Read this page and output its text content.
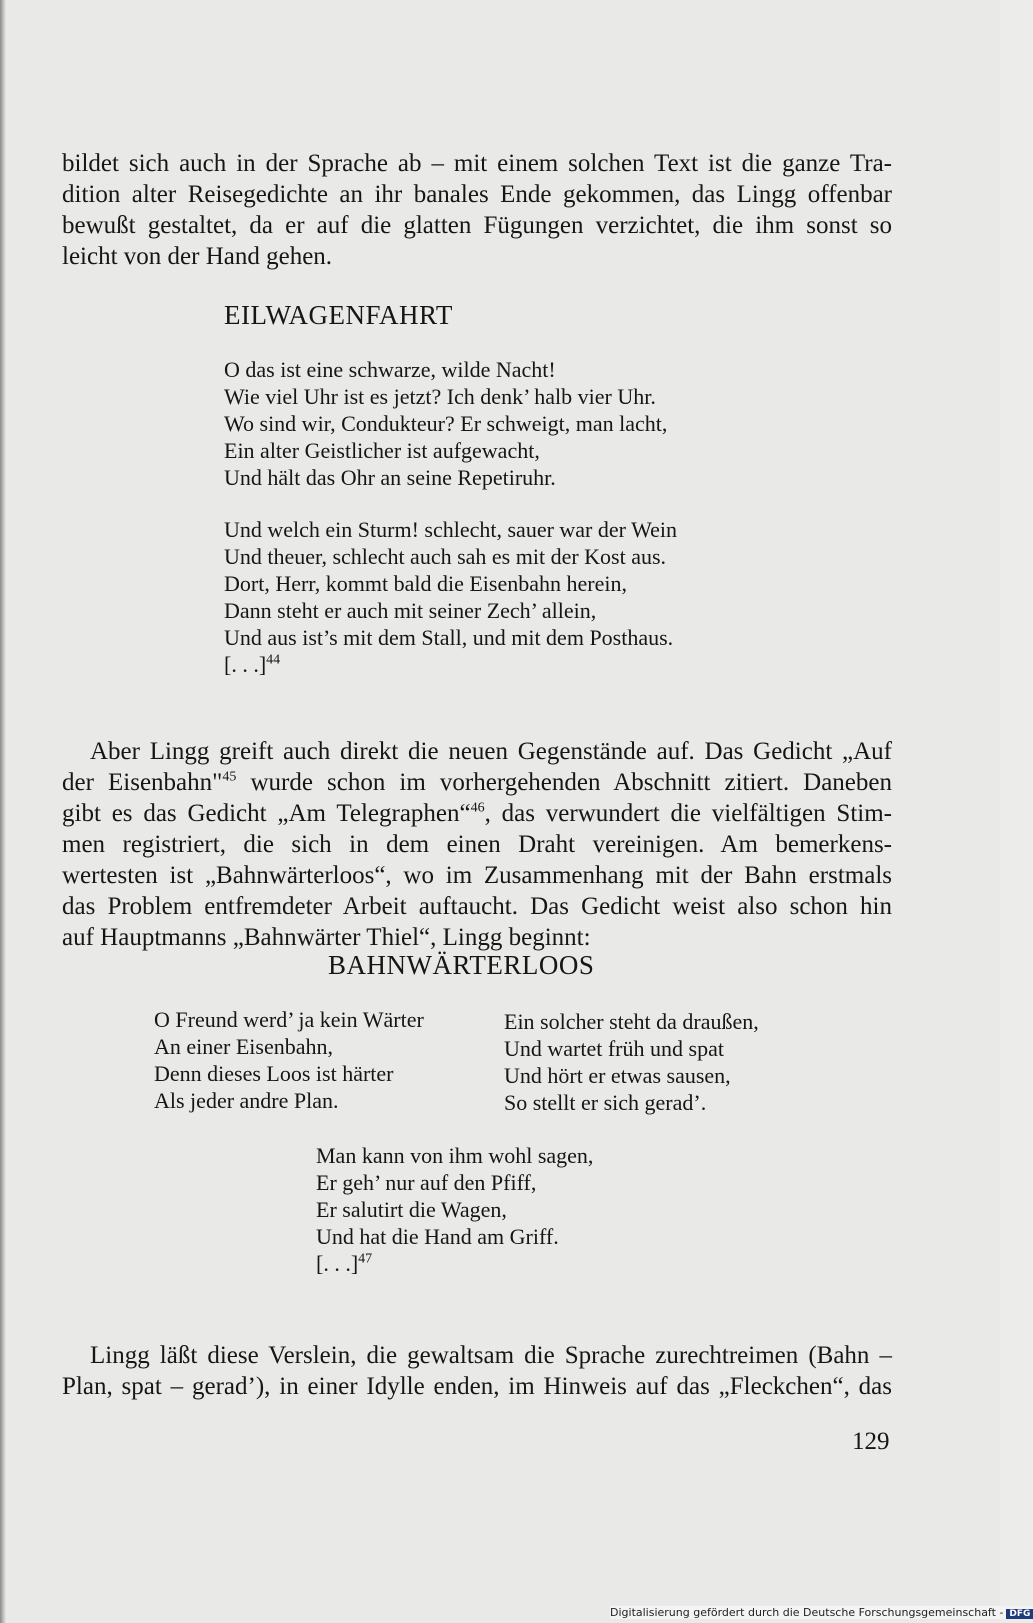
bildet sich auch in der Sprache ab – mit einem solchen Text ist die ganze Tra-
dition alter Reisegedichte an ihr banales Ende gekommen, das Lingg offenbar
bewußt gestaltet, da er auf die glatten Fügungen verzichtet, die ihm sonst so
leicht von der Hand gehen.
EILWAGENFAHRT
O das ist eine schwarze, wilde Nacht!
Wie viel Uhr ist es jetzt? Ich denk’ halb vier Uhr.
Wo sind wir, Condukteur? Er schweigt, man lacht,
Ein alter Geistlicher ist aufgewacht,
Und hält das Ohr an seine Repetiruhr.
Und welch ein Sturm! schlecht, sauer war der Wein
Und theuer, schlecht auch sah es mit der Kost aus.
Dort, Herr, kommt bald die Eisenbahn herein,
Dann steht er auch mit seiner Zech’ allein,
Und aus ist’s mit dem Stall, und mit dem Posthaus.
[. . .]$^{44}$
Aber Lingg greift auch direkt die neuen Gegenstände auf. Das Gedicht „Auf
der Eisenbahn"$^{45}$ wurde schon im vorhergehenden Abschnitt zitiert. Daneben
gibt es das Gedicht „Am Telegraphen“$^{46}$, das verwundert die vielfältigen Stim-
men registriert, die sich in dem einen Draht vereinigen. Am bemerkens-
wertesten ist „Bahnwärterloos“, wo im Zusammenhang mit der Bahn erstmals
das Problem entfremdeter Arbeit auftaucht. Das Gedicht weist also schon hin
auf Hauptmanns „Bahnwärter Thiel“, Lingg beginnt:
BAHNWÄRTERLOOS
O Freund werd’ ja kein Wärter
An einer Eisenbahn,
Denn dieses Loos ist härter
Als jeder andre Plan.
Ein solcher steht da draußen,
Und wartet früh und spat
Und hört er etwas sausen,
So stellt er sich gerad’.
Man kann von ihm wohl sagen,
Er geh’ nur auf den Pfiff,
Er salutirt die Wagen,
Und hat die Hand am Griff.
[. . .]$^{47}$
Lingg läßt diese Verslein, die gewaltsam die Sprache zurechtreimen (Bahn –
Plan, spat – gerad’), in einer Idylle enden, im Hinweis auf das „Fleckchen“, das
129
Digitalisierung gefördert durch die Deutsche Forschungsgemeinschaft - DFG
